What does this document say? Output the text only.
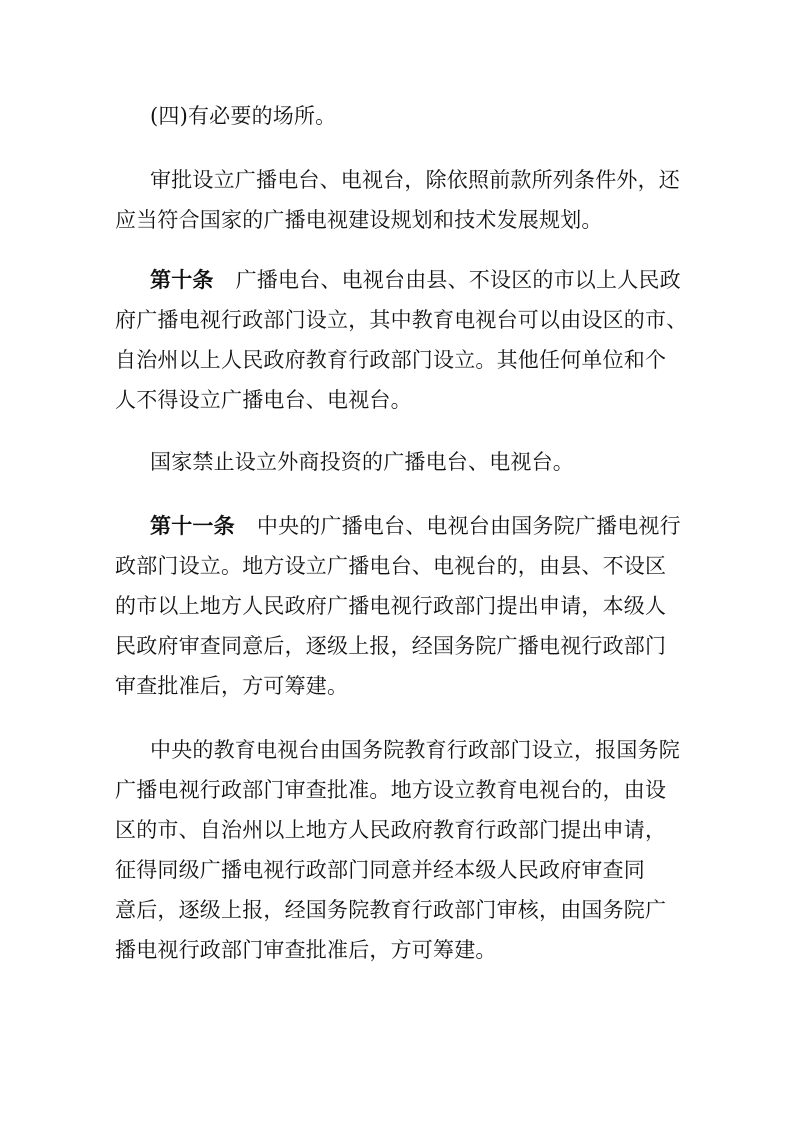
(四)有必要的场所。
审批设立广播电台、电视台，除依照前款所列条件外，还
应当符合国家的广播电视建设规划和技术发展规划。
第十条 广播电台、电视台由县、不设区的市以上人民政
府广播电视行政部门设立，其中教育电视台可以由设区的市、
自治州以上人民政府教育行政部门设立。其他任何单位和个
人不得设立广播电台、电视台。
国家禁止设立外商投资的广播电台、电视台。
第十一条 中央的广播电台、电视台由国务院广播电视行
政部门设立。地方设立广播电台、电视台的，由县、不设区
的市以上地方人民政府广播电视行政部门提出申请，本级人
民政府审查同意后，逐级上报，经国务院广播电视行政部门
审查批准后，方可筹建。
中央的教育电视台由国务院教育行政部门设立，报国务院
广播电视行政部门审查批准。地方设立教育电视台的，由设
区的市、自治州以上地方人民政府教育行政部门提出申请，
征得同级广播电视行政部门同意并经本级人民政府审查同
意后，逐级上报，经国务院教育行政部门审核，由国务院广
播电视行政部门审查批准后，方可筹建。
